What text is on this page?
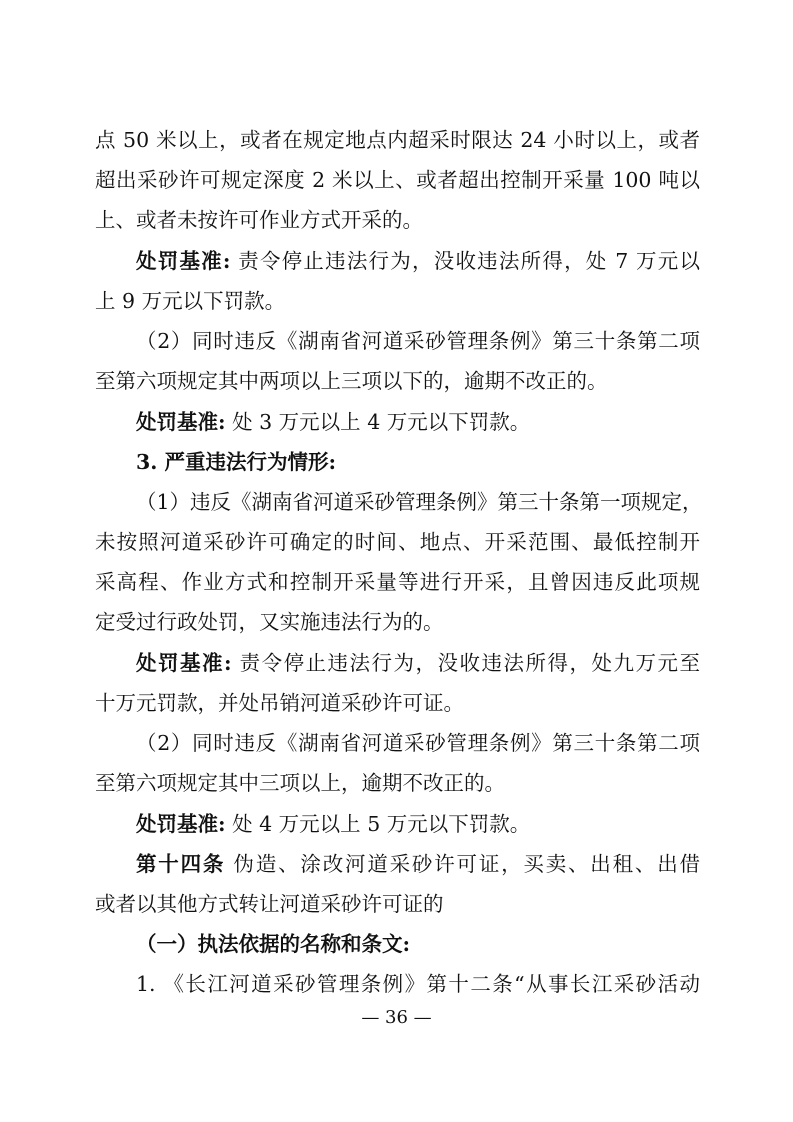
点 50 米以上，或者在规定地点内超采时限达 24 小时以上，或者
超出采砂许可规定深度 2 米以上、或者超出控制开采量 100 吨以
上、或者未按许可作业方式开采的。
处罚基准: 责令停止违法行为，没收违法所得，处 7 万元以
上 9 万元以下罚款。
（2）同时违反《湖南省河道采砂管理条例》第三十条第二项
至第六项规定其中两项以上三项以下的，逾期不改正的。
处罚基准: 处 3 万元以上 4 万元以下罚款。
3. 严重违法行为情形:
（1）违反《湖南省河道采砂管理条例》第三十条第一项规定，
未按照河道采砂许可确定的时间、地点、开采范围、最低控制开
采高程、作业方式和控制开采量等进行开采，且曾因违反此项规
定受过行政处罚，又实施违法行为的。
处罚基准: 责令停止违法行为，没收违法所得，处九万元至
十万元罚款，并处吊销河道采砂许可证。
（2）同时违反《湖南省河道采砂管理条例》第三十条第二项
至第六项规定其中三项以上，逾期不改正的。
处罚基准: 处 4 万元以上 5 万元以下罚款。
第十四条 伪造、涂改河道采砂许可证，买卖、出租、出借
或者以其他方式转让河道采砂许可证的
（一）执法依据的名称和条文:
1. 《长江河道采砂管理条例》第十二条“从事长江采砂活动
— 36 —
